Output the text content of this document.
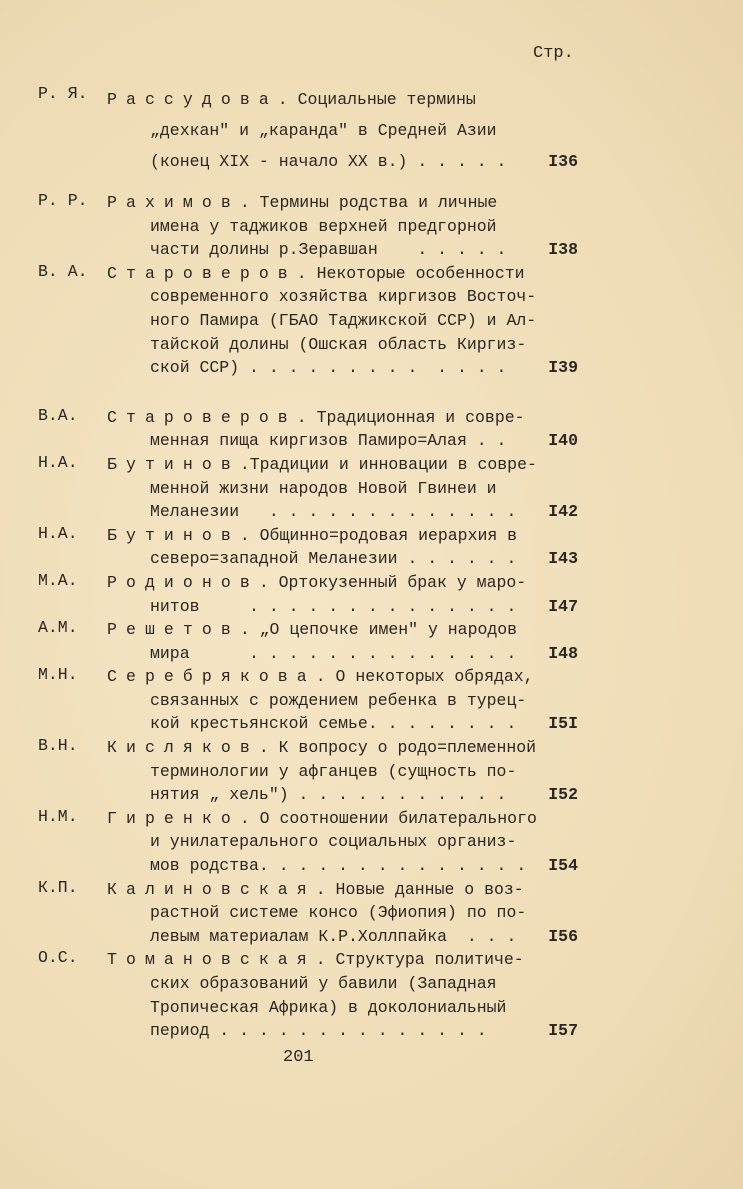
Стр.
Р. Я. Рассудова. Социальные термины
„дехкан" и „каранда" в Средней Азии
(конец XIX - начало XX в.) . . . . .	I36
Р. Р. Рахимов. Термины родства и личные
имена у таджиков верхней предгорной
части долины р.Зеравшан    . . . . .	I38
В. А. Староверов. Некоторые особенности
современного хозяйства киргизов Восточ-
ного Памира (ГБАО Таджикской ССР) и Ал-
тайской долины (Ошская область Киргиз-
ской ССР) . . . . . . . . .  . . . .	I39
В.А. Староверов. Традиционная и совре-
менная пища киргизов Памиро=Алая . .	I40
Н.А. Бутинов.Традиции и инновации в совре-
менной жизни народов Новой Гвинеи и
Меланезии   . . . . . . . . . . . . .	I42
Н.А. Бутинов. Общинно=родовая иерархия в
северо=западной Меланезии . . . . . .	I43
М.А. Родионов. Ортокузенный брак у маро-
нитов     . . . . . . . . . . . . . .	I47
А.М. Решетов. „О цепочке имен" у народов
мира      . . . . . . . . . . . . . .	I48
М.Н. Серебрякова. О некоторых обрядах,
связанных с рождением ребенка в турец-
кой крестьянской семье. . . . . . . .	I5I
В.Н. Кисляков. К вопросу о родо=племенной
терминологии у афганцев (сущность по-
нятия „ хель") . . . . . . . . . . .	I52
Н.М. Гиренко. О соотношении билатерального
и унилатерального социальных организ-
мов родства. . . . . . . . . . . . . .	I54
К.П. Калиновская. Новые данные о воз-
растной системе консо (Эфиопия) по по-
левым материалам К.Р.Холлпайка  . . .	I56
О.С. Томановская. Структура политиче-
ских образований у бавили (Западная
Тропическая Африка) в доколониальный
период . . . . . . . . . . . . . .	I57
201
